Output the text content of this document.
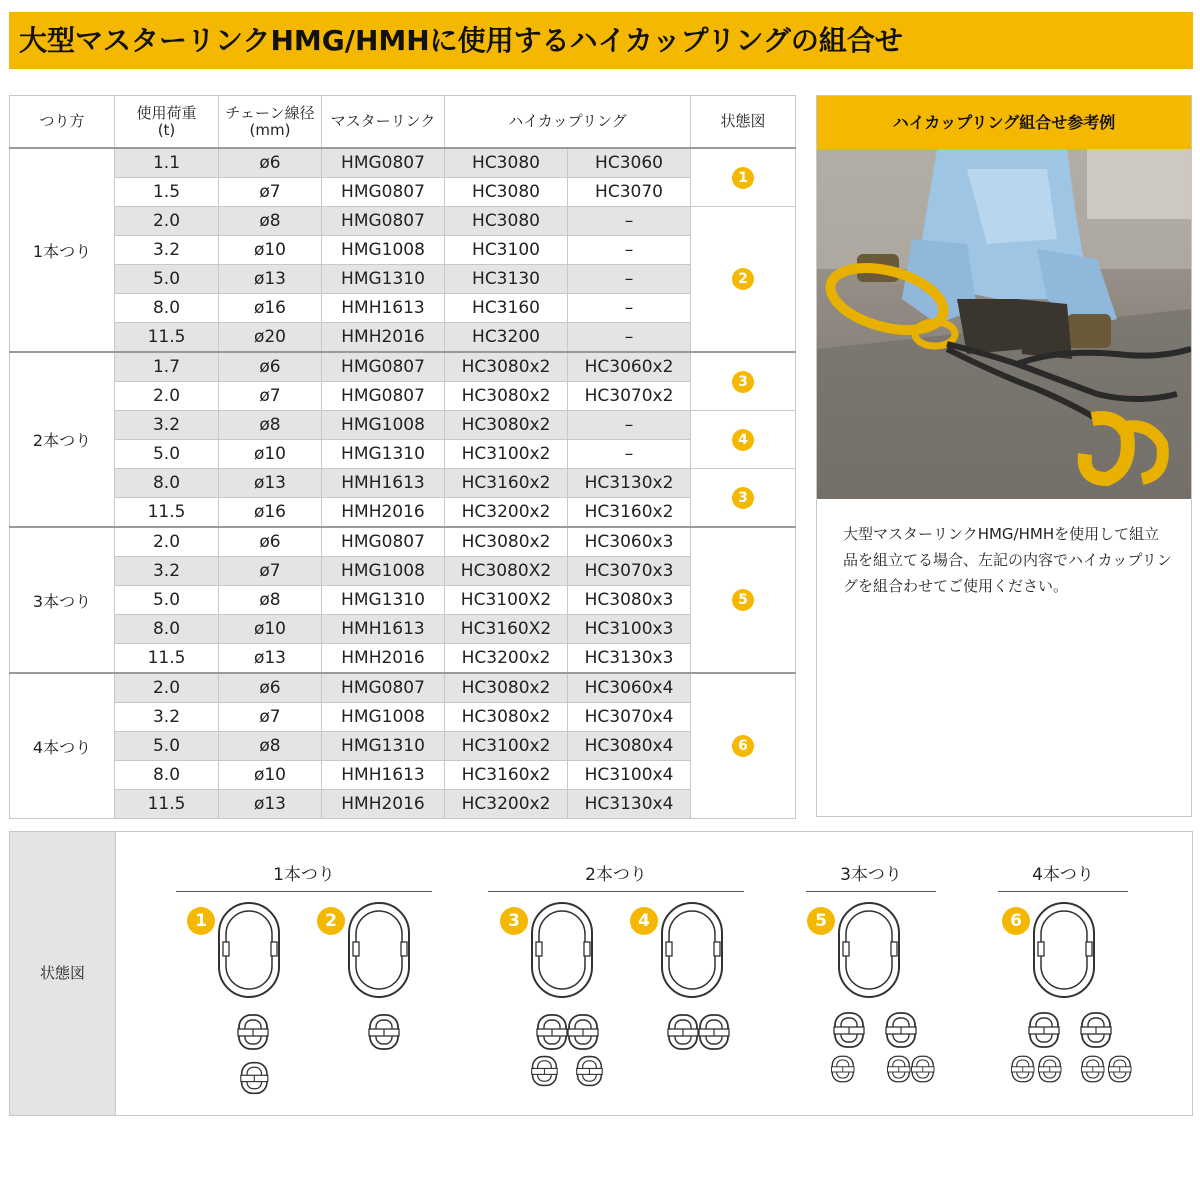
大型マスターリンクHMG/HMHに使用するハイカップリングの組合せ
つり方	使用荷重
(t)	チェーン線径
(mm)	マスターリンク	ハイカップリング		状態図
1本つり	1.1	ø6	HMG0807	HC3080	HC3060	1
	1.5	ø7	HMG0807	HC3080	HC3070	
	2.0	ø8	HMG0807	HC3080	–	2
	3.2	ø10	HMG1008	HC3100	–	
	5.0	ø13	HMG1310	HC3130	–	
	8.0	ø16	HMH1613	HC3160	–	
	11.5	ø20	HMH2016	HC3200	–	
2本つり	1.7	ø6	HMG0807	HC3080x2	HC3060x2	3
	2.0	ø7	HMG0807	HC3080x2	HC3070x2	
	3.2	ø8	HMG1008	HC3080x2	–	4
	5.0	ø10	HMG1310	HC3100x2	–	
	8.0	ø13	HMH1613	HC3160x2	HC3130x2	3
	11.5	ø16	HMH2016	HC3200x2	HC3160x2	
3本つり	2.0	ø6	HMG0807	HC3080x2	HC3060x3	5
	3.2	ø7	HMG1008	HC3080X2	HC3070x3	
	5.0	ø8	HMG1310	HC3100X2	HC3080x3	
	8.0	ø10	HMH1613	HC3160X2	HC3100x3	
	11.5	ø13	HMH2016	HC3200x2	HC3130x3	
4本つり	2.0	ø6	HMG0807	HC3080x2	HC3060x4	6
	3.2	ø7	HMG1008	HC3080x2	HC3070x4	
	5.0	ø8	HMG1310	HC3100x2	HC3080x4	
	8.0	ø10	HMH1613	HC3160x2	HC3100x4	
	11.5	ø13	HMH2016	HC3200x2	HC3130x4	
ハイカップリング組合せ参考例
大型マスターリンクHMG/HMHを使用して組立品を組立てる場合、左記の内容でハイカップリングを組合わせてご使用ください。
状態図
1本つり	2本つり	3本つり	4本つり
1	2	3	4	5	6
